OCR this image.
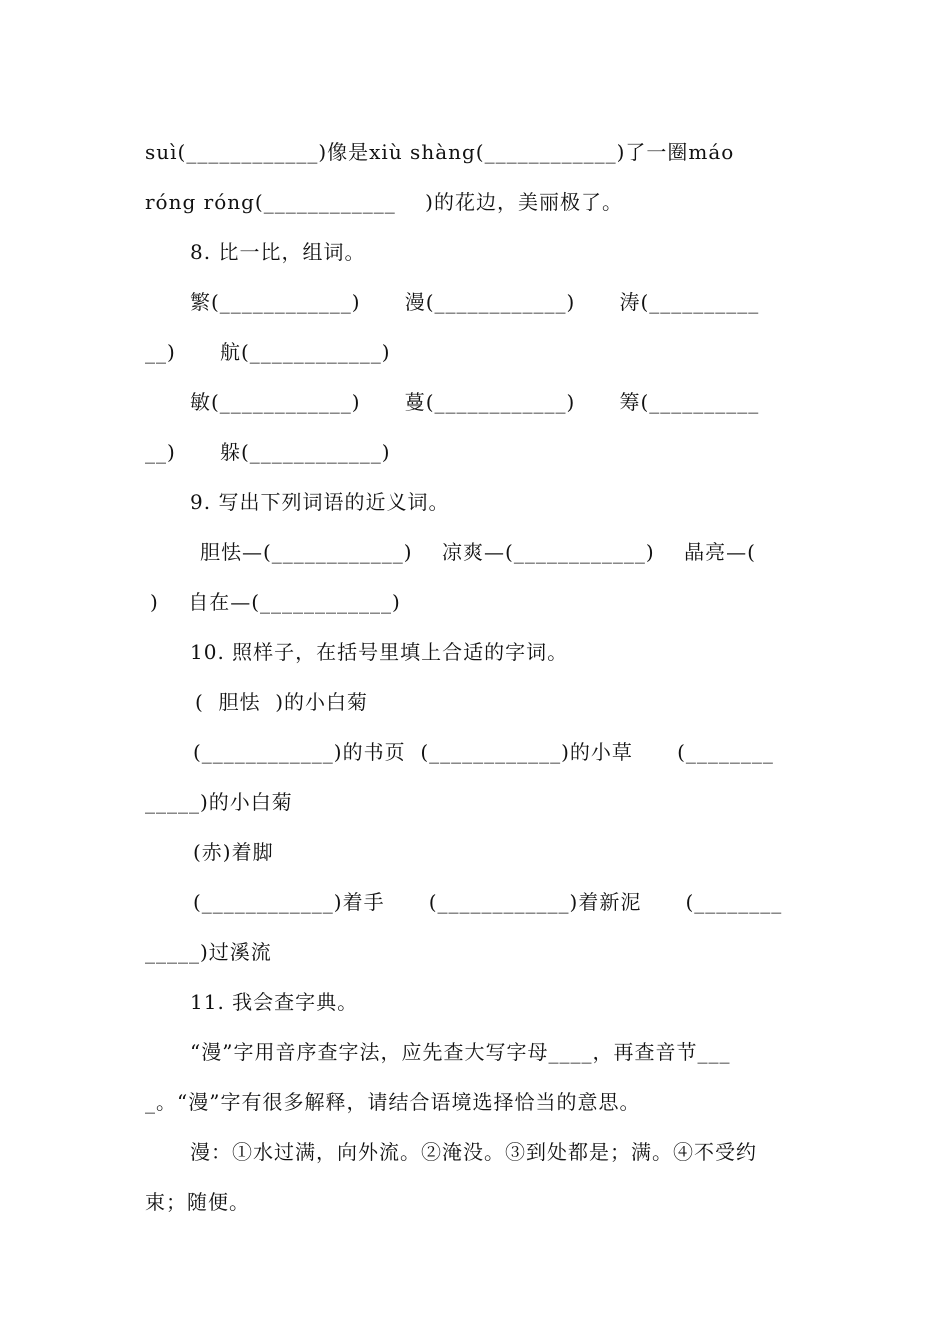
suì(____________)像是xiù shàng(____________)了一圈máo
róng róng(____________    )的花边，美丽极了。
8. 比一比，组词。
繁(____________)      漫(____________)      涛(__________
__)      航(____________)
敏(____________)      蔓(____________)      筹(__________
__)      躲(____________)
9. 写出下列词语的近义词。
胆怯—(____________)    凉爽—(____________)    晶亮—(
)    自在—(____________)
10. 照样子，在括号里填上合适的字词。
(  胆怯  )的小白菊
(____________)的书页  (____________)的小草      (________
_____)的小白菊
(赤)着脚
(____________)着手      (____________)着新泥      (________
_____)过溪流
11. 我会查字典。
“漫”字用音序查字法，应先查大写字母____，再查音节___
_。“漫”字有很多解释，请结合语境选择恰当的意思。
漫：①水过满，向外流。②淹没。③到处都是；满。④不受约
束；随便。
